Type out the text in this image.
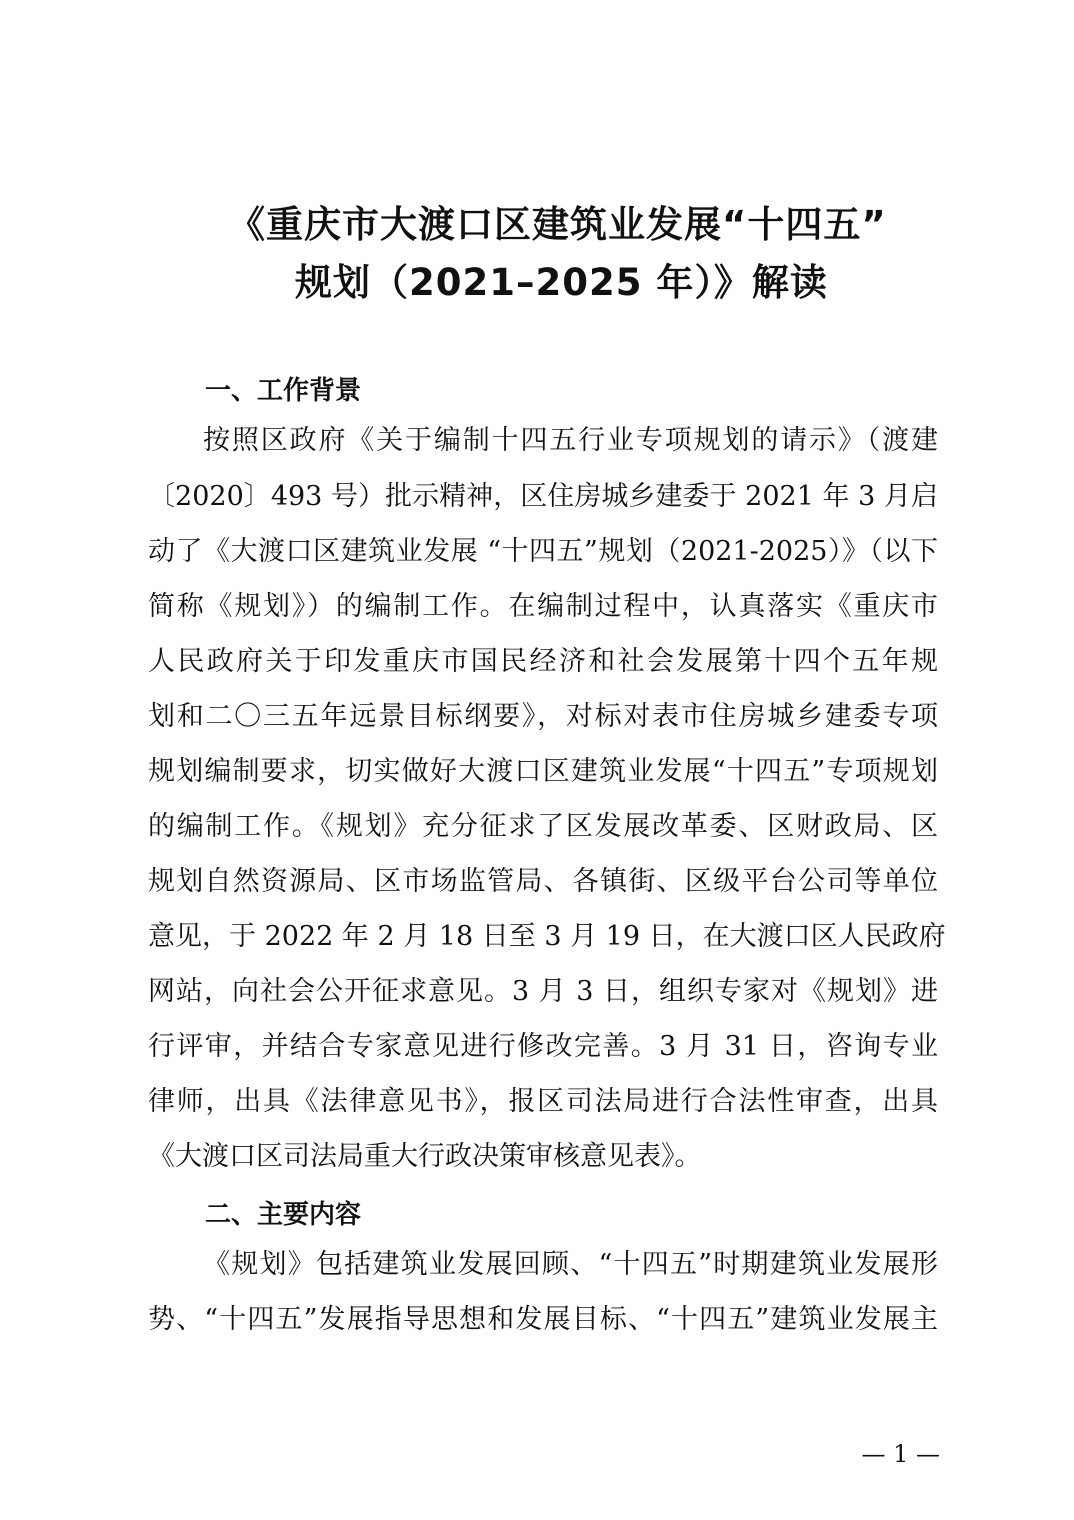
《重庆市大渡口区建筑业发展“十四五”
规划（2021–2025 年）》解读
一、工作背景
按照区政府《关于编制十四五行业专项规划的请示》（渡建
〔2020〕493 号）批示精神，区住房城乡建委于 2021 年 3 月启
动了《大渡口区建筑业发展 “十四五”规划（2021-2025）》（以下
简称《规划》）的编制工作。在编制过程中，认真落实《重庆市
人民政府关于印发重庆市国民经济和社会发展第十四个五年规
划和二〇三五年远景目标纲要》，对标对表市住房城乡建委专项
规划编制要求，切实做好大渡口区建筑业发展“十四五”专项规划
的编制工作。《规划》充分征求了区发展改革委、区财政局、区
规划自然资源局、区市场监管局、各镇街、区级平台公司等单位
意见，于 2022 年 2 月 18 日至 3 月 19 日，在大渡口区人民政府
网站，向社会公开征求意见。3 月 3 日，组织专家对《规划》进
行评审，并结合专家意见进行修改完善。3 月 31 日，咨询专业
律师，出具《法律意见书》，报区司法局进行合法性审查，出具
《大渡口区司法局重大行政决策审核意见表》。
二、主要内容
《规划》包括建筑业发展回顾、“十四五”时期建筑业发展形
势、“十四五”发展指导思想和发展目标、“十四五”建筑业发展主
— 1 —
